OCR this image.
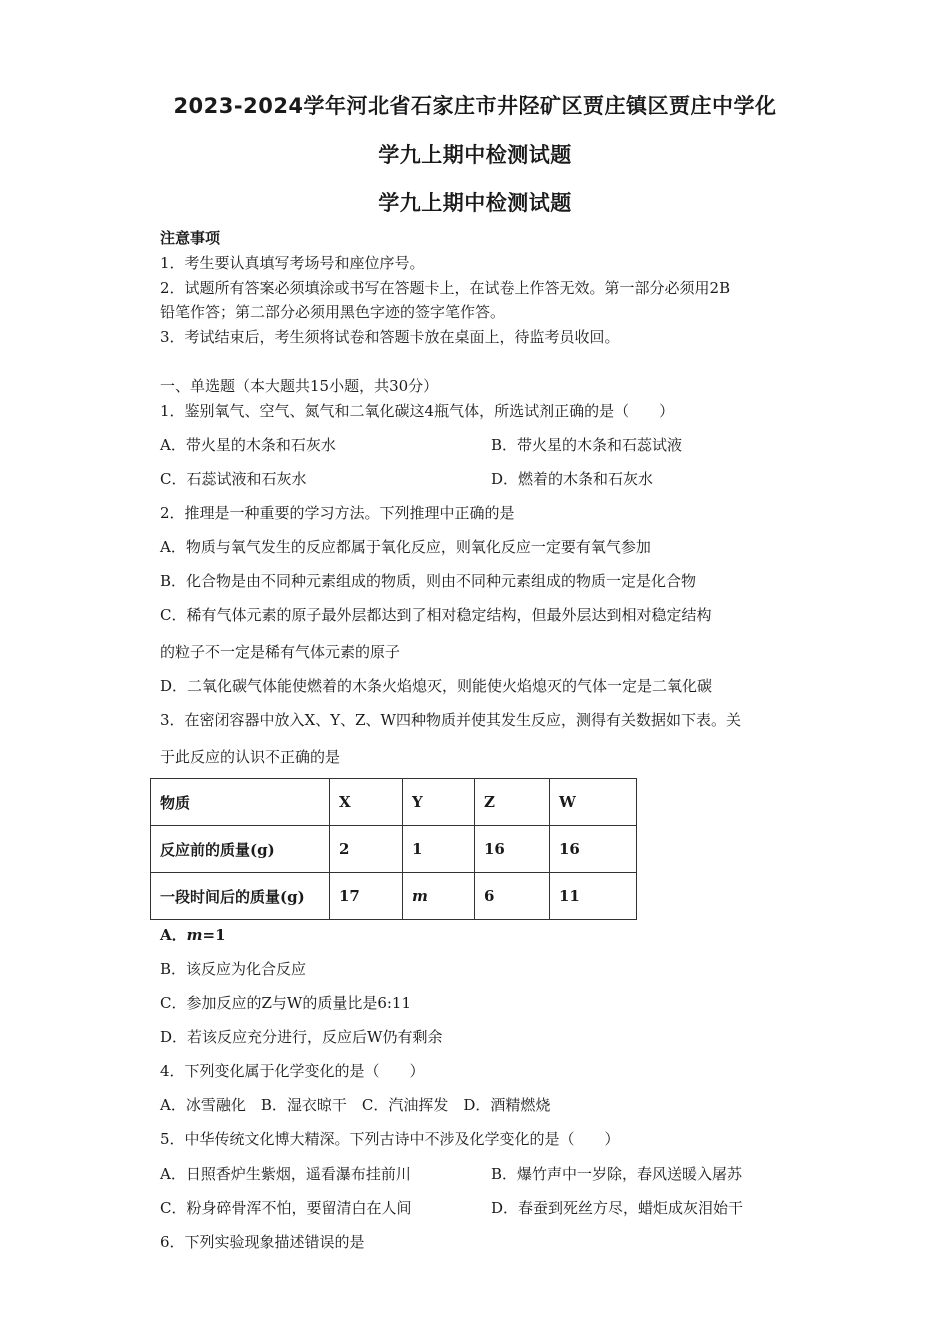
2023-2024学年河北省石家庄市井陉矿区贾庄镇区贾庄中学化
学九上期中检测试题
学九上期中检测试题
注意事项
1．考生要认真填写考场号和座位序号。
2．试题所有答案必须填涂或书写在答题卡上，在试卷上作答无效。第一部分必须用2B
铅笔作答；第二部分必须用黑色字迹的签字笔作答。
3．考试结束后，考生须将试卷和答题卡放在桌面上，待监考员收回。
一、单选题（本大题共15小题，共30分）
1．鉴别氧气、空气、氮气和二氧化碳这4瓶气体，所选试剂正确的是（　　）
A．带火星的木条和石灰水	B．带火星的木条和石蕊试液
C．石蕊试液和石灰水	D．燃着的木条和石灰水
2．推理是一种重要的学习方法。下列推理中正确的是
A．物质与氧气发生的反应都属于氧化反应，则氧化反应一定要有氧气参加
B．化合物是由不同种元素组成的物质，则由不同种元素组成的物质一定是化合物
C．稀有气体元素的原子最外层都达到了相对稳定结构，但最外层达到相对稳定结构
的粒子不一定是稀有气体元素的原子
D．二氧化碳气体能使燃着的木条火焰熄灭，则能使火焰熄灭的气体一定是二氧化碳
3．在密闭容器中放入X、Y、Z、W四种物质并使其发生反应，测得有关数据如下表。关
于此反应的认识不正确的是
物质	X	Y	Z	W
反应前的质量(g)	2	1	16	16
一段时间后的质量(g)	17	m	6	11
A．m=1
B．该反应为化合反应
C．参加反应的Z与W的质量比是6:11
D．若该反应充分进行，反应后W仍有剩余
4．下列变化属于化学变化的是（　　）
A．冰雪融化　B．湿衣晾干　C．汽油挥发　D．酒精燃烧
5．中华传统文化博大精深。下列古诗中不涉及化学变化的是（　　）
A．日照香炉生紫烟，遥看瀑布挂前川	B．爆竹声中一岁除，春风送暖入屠苏
C．粉身碎骨浑不怕，要留清白在人间	D．春蚕到死丝方尽，蜡炬成灰泪始干
6．下列实验现象描述错误的是
